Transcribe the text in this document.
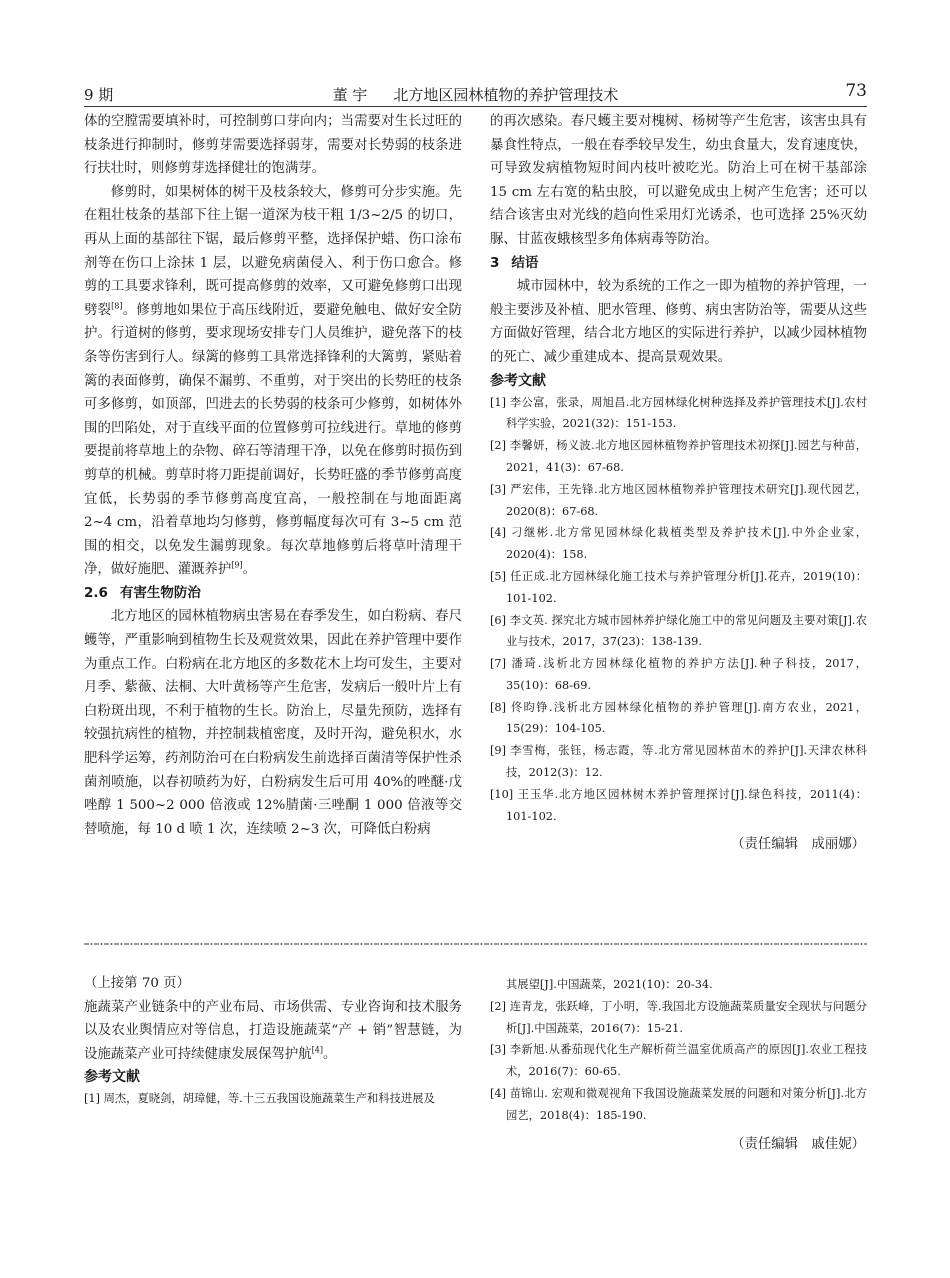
9 期	董 宇 北方地区园林植物的养护管理技术	73

体的空膛需要填补时，可控制剪口芽向内；当需要对生长过旺的枝条进行抑制时，修剪芽需要选择弱芽，需要对长势弱的枝条进行扶壮时，则修剪芽选择健壮的饱满芽。

修剪时，如果树体的树干及枝条较大，修剪可分步实施。先在粗壮枝条的基部下往上锯一道深为枝干粗 1/3~2/5 的切口，再从上面的基部往下锯，最后修剪平整，选择保护蜡、伤口涂布剂等在伤口上涂抹 1 层，以避免病菌侵入、利于伤口愈合。修剪的工具要求锋利，既可提高修剪的效率，又可避免修剪口出现劈裂[8]。修剪地如果位于高压线附近，要避免触电、做好安全防护。行道树的修剪，要求现场安排专门人员维护，避免落下的枝条等伤害到行人。绿篱的修剪工具常选择锋利的大篱剪，紧贴着篱的表面修剪，确保不漏剪、不重剪，对于突出的长势旺的枝条可多修剪，如顶部，凹进去的长势弱的枝条可少修剪，如树体外围的凹陷处，对于直线平面的位置修剪可拉线进行。草地的修剪要提前将草地上的杂物、碎石等清理干净，以免在修剪时损伤到剪草的机械。剪草时将刀距提前调好，长势旺盛的季节修剪高度宜低，长势弱的季节修剪高度宜高，一般控制在与地面距离 2~4 cm，沿着草地均匀修剪，修剪幅度每次可有 3~5 cm 范围的相交，以免发生漏剪现象。每次草地修剪后将草叶清理干净，做好施肥、灌溉养护[9]。

2.6 有害生物防治

北方地区的园林植物病虫害易在春季发生，如白粉病、春尺蠖等，严重影响到植物生长及观赏效果，因此在养护管理中要作为重点工作。白粉病在北方地区的多数花木上均可发生，主要对月季、紫薇、法桐、大叶黄杨等产生危害，发病后一般叶片上有白粉斑出现，不利于植物的生长。防治上，尽量先预防，选择有较强抗病性的植物，并控制栽植密度，及时开沟，避免积水，水肥科学运筹，药剂防治可在白粉病发生前选择百菌清等保护性杀菌剂喷施，以春初喷药为好，白粉病发生后可用 40%的唑醚·戊唑醇 1 500~2 000 倍液或 12%腈菌·三唑酮 1 000 倍液等交替喷施，每 10 d 喷 1 次，连续喷 2~3 次，可降低白粉病

的再次感染。春尺蠖主要对槐树、杨树等产生危害，该害虫具有暴食性特点，一般在春季较早发生，幼虫食量大，发育速度快，可导致发病植物短时间内枝叶被吃光。防治上可在树干基部涂 15 cm 左右宽的粘虫胶，可以避免成虫上树产生危害；还可以结合该害虫对光线的趋向性采用灯光诱杀，也可选择 25%灭幼脲、甘蓝夜蛾核型多角体病毒等防治。

3 结语

城市园林中，较为系统的工作之一即为植物的养护管理，一般主要涉及补植、肥水管理、修剪、病虫害防治等，需要从这些方面做好管理，结合北方地区的实际进行养护，以减少园林植物的死亡、减少重建成本、提高景观效果。

参考文献

[1] 李公富，张录，周旭昌.北方园林绿化树种选择及养护管理技术[J].农村科学实验，2021(32)：151-153.

[2] 李馨妍，杨义波.北方地区园林植物养护管理技术初探[J].园艺与种苗，2021，41(3)：67-68.

[3] 严宏伟，王先锋.北方地区园林植物养护管理技术研究[J].现代园艺，2020(8)：67-68.

[4] 刁继彬.北方常见园林绿化栽植类型及养护技术[J].中外企业家，2020(4)：158.

[5] 任正成.北方园林绿化施工技术与养护管理分析[J].花卉，2019(10)：101-102.

[6] 李文英. 探究北方城市园林养护绿化施工中的常见问题及主要对策[J].农业与技术，2017，37(23)：138-139.

[7] 潘琦.浅析北方园林绿化植物的养护方法[J].种子科技，2017，35(10)：68-69.

[8] 佟昀铮.浅析北方园林绿化植物的养护管理[J].南方农业，2021，15(29)：104-105.

[9] 李雪梅，张钰，杨志霞，等.北方常见园林苗木的养护[J].天津农林科技，2012(3)：12.

[10] 王玉华.北方地区园林树木养护管理探讨[J].绿色科技，2011(4)：101-102.

（责任编辑　成丽娜）

（上接第 70 页）

施蔬菜产业链条中的产业布局、市场供需、专业咨询和技术服务以及农业舆情应对等信息，打造设施蔬菜“产 + 销”智慧链，为设施蔬菜产业可持续健康发展保驾护航[4]。

参考文献

[1] 周杰，夏晓剑，胡璋健，等.十三五我国设施蔬菜生产和科技进展及

其展望[J].中国蔬菜，2021(10)：20-34.

[2] 连青龙，张跃峰，丁小明，等.我国北方设施蔬菜质量安全现状与问题分析[J].中国蔬菜，2016(7)：15-21.

[3] 李新旭.从番茄现代化生产解析荷兰温室优质高产的原因[J].农业工程技术，2016(7)：60-65.

[4] 苗锦山. 宏观和微观视角下我国设施蔬菜发展的问题和对策分析[J].北方园艺，2018(4)：185-190.

（责任编辑　戚佳妮）
